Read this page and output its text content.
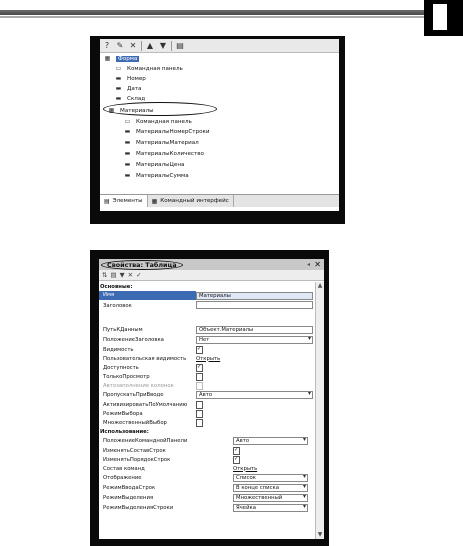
? ✎ ✕ ▲ ▼ ▤
▦	Форма
▭	Командная панель
▬	Номер
▬	Дата
▬	Склад
▦	Материалы
▭	Командная панель
▬	МатериалыНомерСтроки
▬	МатериалыМатериал
▬	МатериалыКоличество
▬	МатериалыЦена
▬	МатериалыСумма
▤ Элементы ▦ Командный интерфейс
Свойства: Таблица	◂ ✕
⇅ ▤ ▼ ✕ ✓
Основные:
Имя	Материалы
Заголовок
ПутьКДанным	Объект.Материалы
ПоложениеЗаголовка	Нет ▾
Видимость	✓
Пользовательская видимость	Открыть
Доступность	✓
ТолькоПросмотр
Автозаполнение колонок
ПропускатьПриВводе	Авто ▾
АктивизироватьПоУмолчанию
РежимВыбора
МножественныйВыбор
Использование:
ПоложениеКоманднойПанели	Авто ▾
ИзменятьСоставСтрок	✓
ИзменятьПорядокСтрок	✓
Состав команд	Открыть
Отображение	Список ▾
РежимВводаСтрок	В конце списка ▾
РежимВыделения	Множественный ▾
РежимВыделенияСтроки	Ячейка ▾
▲
▼
